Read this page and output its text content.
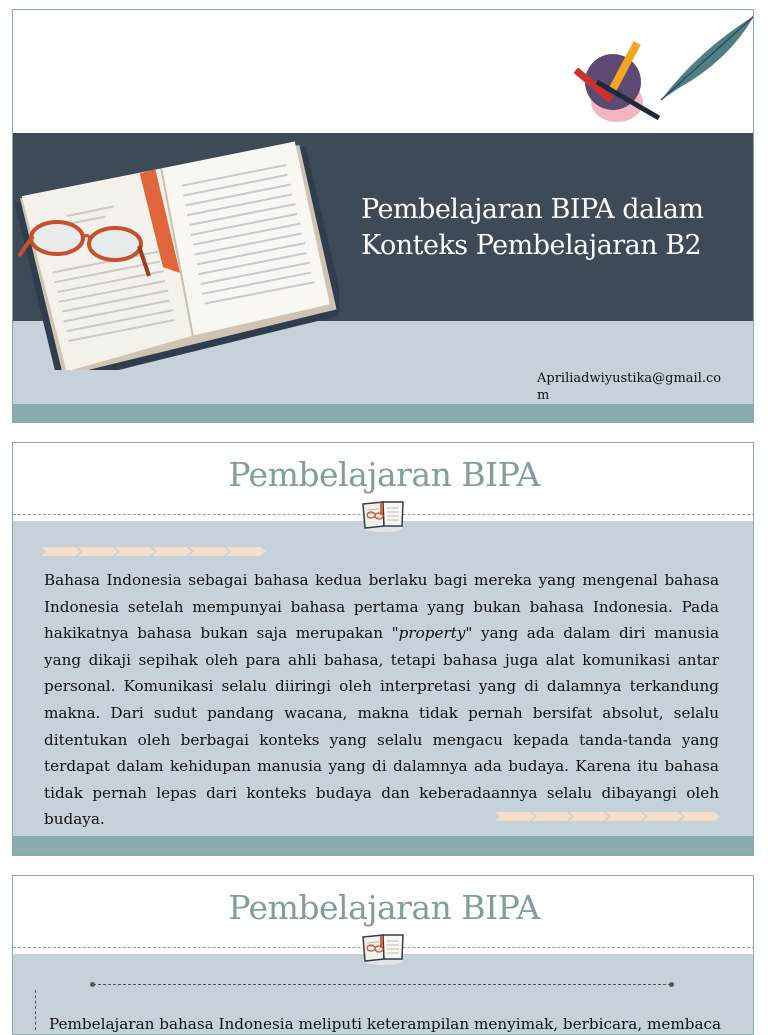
Pembelajaran BIPA dalam
Konteks Pembelajaran B2
Apriliadwiyustika@gmail.com
Pembelajaran BIPA
Bahasa Indonesia sebagai bahasa kedua berlaku bagi mereka yang mengenal bahasa Indonesia setelah mempunyai bahasa pertama yang bukan bahasa Indonesia. Pada hakikatnya bahasa bukan saja merupakan "property" yang ada dalam diri manusia yang dikaji sepihak oleh para ahli bahasa, tetapi bahasa juga alat komunikasi antar personal. Komunikasi selalu diiringi oleh interpretasi yang di dalamnya terkandung makna. Dari sudut pandang wacana, makna tidak pernah bersifat absolut, selalu ditentukan oleh berbagai konteks yang selalu mengacu kepada tanda-tanda yang terdapat dalam kehidupan manusia yang di dalamnya ada budaya. Karena itu bahasa tidak pernah lepas dari konteks budaya dan keberadaannya selalu dibayangi oleh budaya.
Pembelajaran BIPA
Pembelajaran bahasa Indonesia meliputi keterampilan menyimak, berbicara, membaca
